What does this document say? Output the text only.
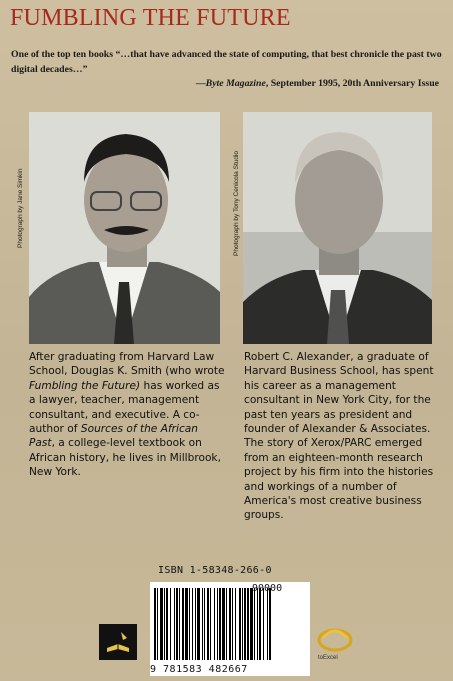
FUMBLING THE FUTURE
One of the top ten books “…that have advanced the state of computing, that best chronicle the past two digital decades…”
—Byte Magazine, September 1995, 20th Anniversary Issue
Photograph by Jane Simkin	Photograph by Tony Cenicola Studio
After graduating from Harvard Law School, Douglas K. Smith (who wrote Fumbling the Future) has worked as a lawyer, teacher, management consultant, and executive. A co-author of Sources of the African Past, a college-level textbook on African history, he lives in Millbrook, New York.
Robert C. Alexander, a graduate of Harvard Business School, has spent his career as a management consultant in New York City, for the past ten years as president and founder of Alexander & Associates. The story of Xerox/PARC emerged from an eighteen-month research project by his firm into the histories and workings of a number of America's most creative business groups.
ISBN 1-58348-266-0
90000
9 781583 482667
toExcel
